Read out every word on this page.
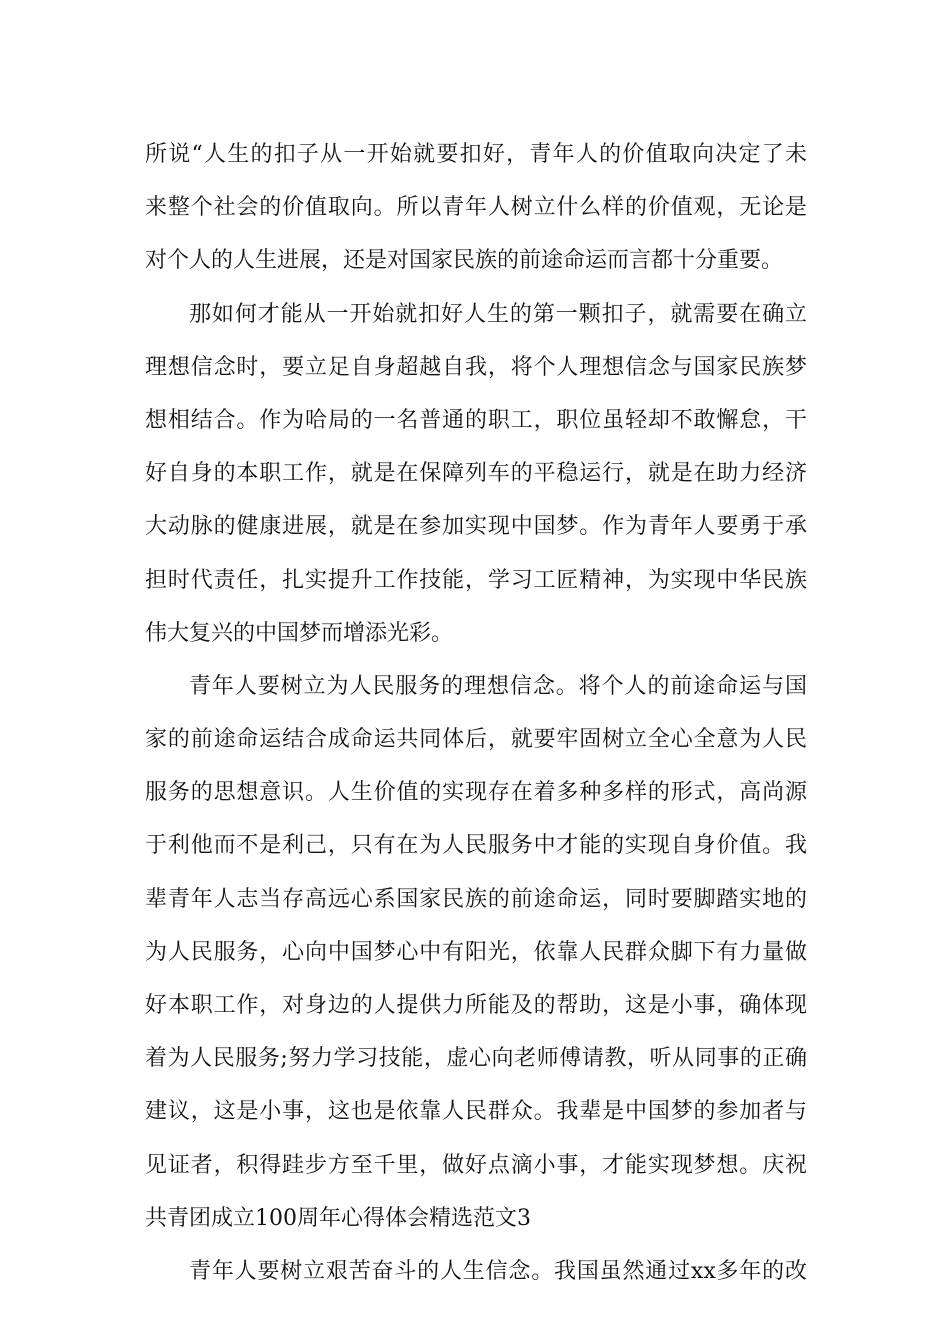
所说“人生的扣子从一开始就要扣好，青年人的价值取向决定了未
来整个社会的价值取向。所以青年人树立什么样的价值观，无论是
对个人的人生进展，还是对国家民族的前途命运而言都十分重要。
那如何才能从一开始就扣好人生的第一颗扣子，就需要在确立
理想信念时，要立足自身超越自我，将个人理想信念与国家民族梦
想相结合。作为哈局的一名普通的职工，职位虽轻却不敢懈怠，干
好自身的本职工作，就是在保障列车的平稳运行，就是在助力经济
大动脉的健康进展，就是在参加实现中国梦。作为青年人要勇于承
担时代责任，扎实提升工作技能，学习工匠精神，为实现中华民族
伟大复兴的中国梦而增添光彩。
青年人要树立为人民服务的理想信念。将个人的前途命运与国
家的前途命运结合成命运共同体后，就要牢固树立全心全意为人民
服务的思想意识。人生价值的实现存在着多种多样的形式，高尚源
于利他而不是利己，只有在为人民服务中才能的实现自身价值。我
辈青年人志当存高远心系国家民族的前途命运，同时要脚踏实地的
为人民服务，心向中国梦心中有阳光，依靠人民群众脚下有力量做
好本职工作，对身边的人提供力所能及的帮助，这是小事，确体现
着为人民服务;努力学习技能，虚心向老师傅请教，听从同事的正确
建议，这是小事，这也是依靠人民群众。我辈是中国梦的参加者与
见证者，积得跬步方至千里，做好点滴小事，才能实现梦想。庆祝
共青团成立100周年心得体会精选范文3
青年人要树立艰苦奋斗的人生信念。我国虽然通过xx多年的改
